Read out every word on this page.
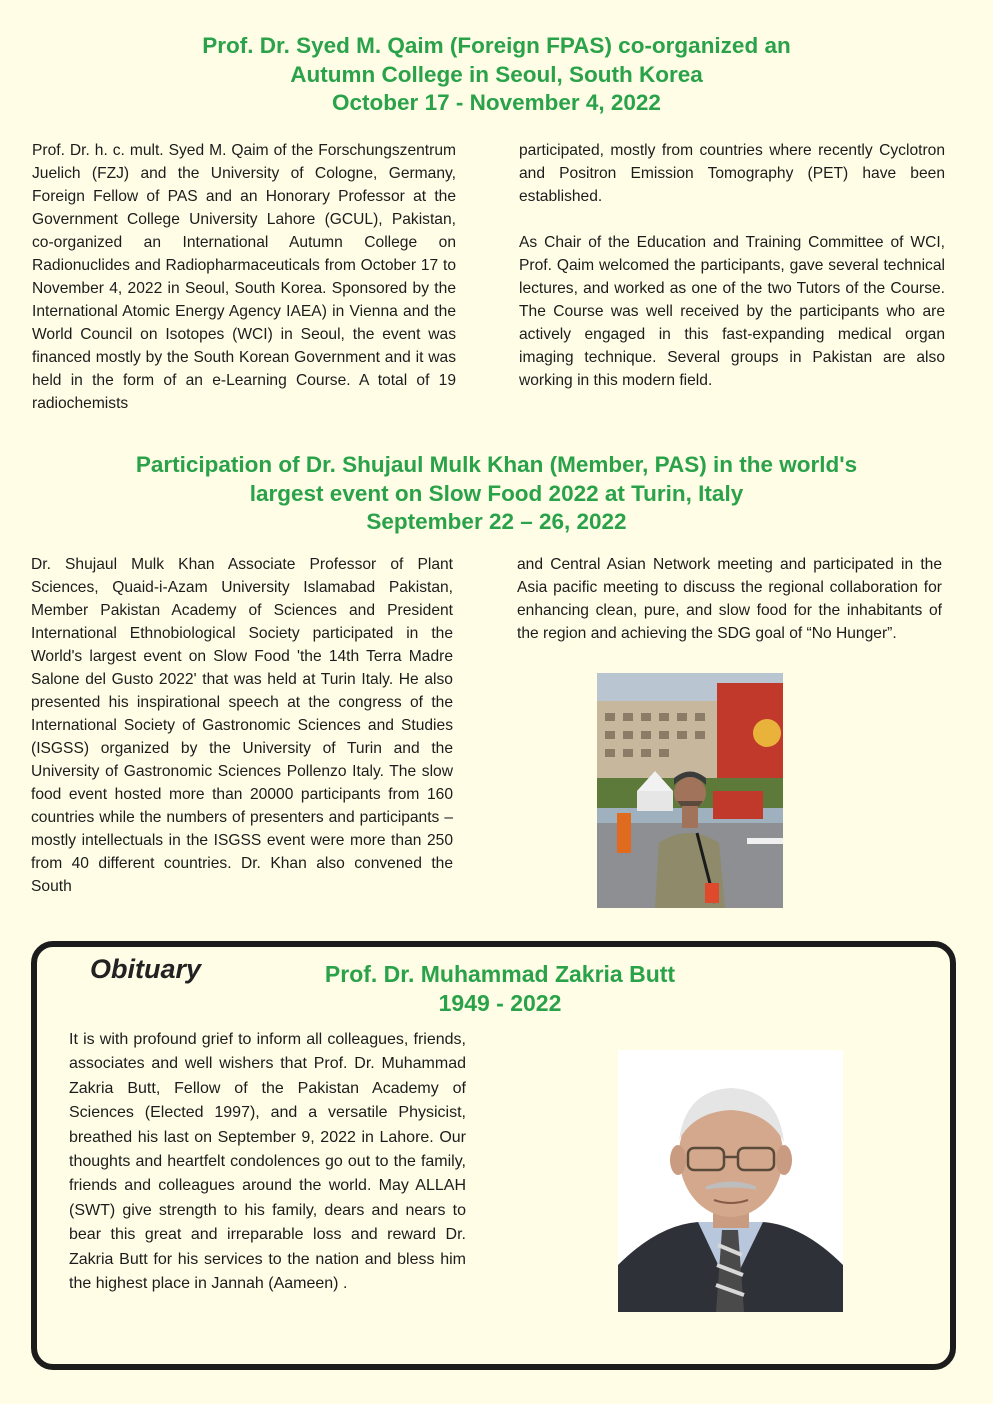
Prof. Dr. Syed M. Qaim (Foreign FPAS) co-organized an
Autumn College in Seoul, South Korea
October 17 - November 4, 2022

Prof. Dr. h. c. mult. Syed M. Qaim of the Forschungszentrum Juelich (FZJ) and the University of Cologne, Germany, Foreign Fellow of PAS and an Honorary Professor at the Government College University Lahore (GCUL), Pakistan, co-organized an International Autumn College on Radionuclides and Radiopharmaceuticals from October 17 to November 4, 2022 in Seoul, South Korea. Sponsored by the International Atomic Energy Agency IAEA) in Vienna and the World Council on Isotopes (WCI) in Seoul, the event was financed mostly by the South Korean Government and it was held in the form of an e-Learning Course. A total of 19 radiochemists

participated, mostly from countries where recently Cyclotron and Positron Emission Tomography (PET) have been established.

As Chair of the Education and Training Committee of WCI, Prof. Qaim welcomed the participants, gave several technical lectures, and worked as one of the two Tutors of the Course. The Course was well received by the participants who are actively engaged in this fast-expanding medical organ imaging technique. Several groups in Pakistan are also working in this modern field.

Participation of Dr. Shujaul Mulk Khan (Member, PAS) in the world's
largest event on Slow Food 2022 at Turin, Italy
September 22 – 26, 2022

Dr. Shujaul Mulk Khan Associate Professor of Plant Sciences, Quaid-i-Azam University Islamabad Pakistan, Member Pakistan Academy of Sciences and President International Ethnobiological Society participated in the World's largest event on Slow Food 'the 14th Terra Madre Salone del Gusto 2022' that was held at Turin Italy. He also presented his inspirational speech at the congress of the International Society of Gastronomic Sciences and Studies (ISGSS) organized by the University of Turin and the University of Gastronomic Sciences Pollenzo Italy. The slow food event hosted more than 20000 participants from 160 countries while the numbers of presenters and participants – mostly intellectuals in the ISGSS event were more than 250 from 40 different countries. Dr. Khan also convened the South

and Central Asian Network meeting and participated in the Asia pacific meeting to discuss the regional collaboration for enhancing clean, pure, and slow food for the inhabitants of the region and achieving the SDG goal of “No Hunger”.

Obituary	Prof. Dr. Muhammad Zakria Butt
1949 - 2022

It is with profound grief to inform all colleagues, friends, associates and well wishers that Prof. Dr. Muhammad Zakria Butt, Fellow of the Pakistan Academy of Sciences (Elected 1997), and a versatile Physicist, breathed his last on September 9, 2022 in Lahore. Our thoughts and heartfelt condolences go out to the family, friends and colleagues around the world. May ALLAH (SWT) give strength to his family, dears and nears to bear this great and irreparable loss and reward Dr. Zakria Butt for his services to the nation and bless him the highest place in Jannah (Aameen) .
